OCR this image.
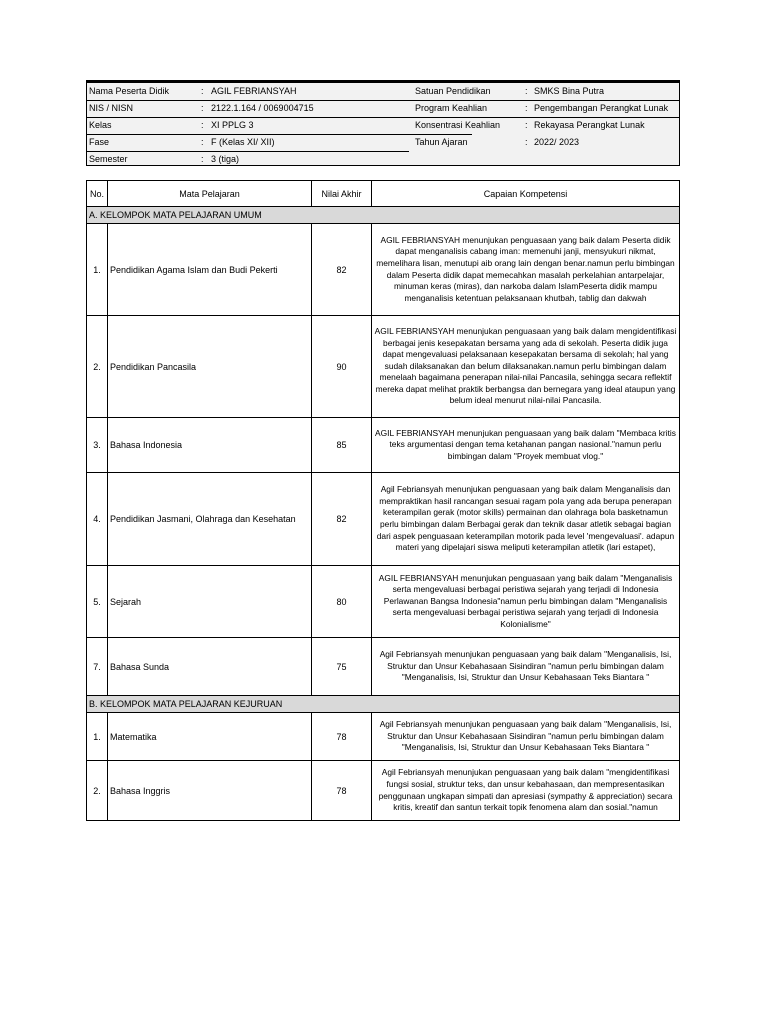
Nama Peserta Didik	: AGIL FEBRIANSYAH
NIS / NISN	: 2122.1.164 / 0069004715
Kelas	: XI PPLG 3
Fase	: F (Kelas XI/ XII)
Semester	: 3 (tiga)
Satuan Pendidikan	: SMKS Bina Putra
Program Keahlian	: Pengembangan Perangkat Lunak
Konsentrasi Keahlian	: Rekayasa Perangkat Lunak
Tahun Ajaran	: 2022/ 2023
No.	Mata Pelajaran	Nilai Akhir	Capaian Kompetensi
A. KELOMPOK MATA PELAJARAN UMUM			
1.	Pendidikan Agama Islam dan Budi Pekerti	82	AGIL FEBRIANSYAH menunjukan penguasaan yang baik dalam Peserta didik dapat menganalisis cabang iman: memenuhi janji, mensyukuri nikmat, memelihara lisan, menutupi aib orang lain dengan benar.namun perlu bimbingan dalam Peserta didik dapat memecahkan masalah perkelahian antarpelajar, minuman keras (miras), dan narkoba dalam IslamPeserta didik mampu menganalisis ketentuan pelaksanaan khutbah, tablig dan dakwah
2.	Pendidikan Pancasila	90	AGIL FEBRIANSYAH menunjukan penguasaan yang baik dalam mengidentifikasi berbagai jenis kesepakatan bersama yang ada di sekolah. Peserta didik juga dapat mengevaluasi pelaksanaan kesepakatan bersama di sekolah; hal yang sudah dilaksanakan dan belum dilaksanakan.namun perlu bimbingan dalam menelaah bagaimana penerapan nilai-nilai Pancasila, sehingga secara reflektif mereka dapat melihat praktik berbangsa dan bernegara yang ideal ataupun yang belum ideal menurut nilai-nilai Pancasila.
3.	Bahasa Indonesia	85	AGIL FEBRIANSYAH menunjukan penguasaan yang baik dalam "Membaca kritis teks argumentasi dengan tema ketahanan pangan nasional."namun perlu bimbingan dalam "Proyek membuat vlog."
4.	Pendidikan Jasmani, Olahraga dan Kesehatan	82	Agil Febriansyah menunjukan penguasaan yang baik dalam Menganalisis dan mempraktikan hasil rancangan sesuai ragam pola yang ada berupa penerapan keterampilan gerak (motor skills) permainan dan olahraga bola basketnamun perlu bimbingan dalam Berbagai gerak dan teknik dasar atletik sebagai bagian dari aspek penguasaan keterampilan motorik pada level 'mengevaluasi'. adapun materi yang dipelajari siswa meliputi keterampilan atletik (lari estapet),
5.	Sejarah	80	AGIL FEBRIANSYAH menunjukan penguasaan yang baik dalam "Menganalisis serta mengevaluasi berbagai peristiwa sejarah yang terjadi di Indonesia Perlawanan Bangsa Indonesia"namun perlu bimbingan dalam "Menganalisis serta mengevaluasi berbagai peristiwa sejarah yang terjadi di Indonesia Kolonialisme"
7.	Bahasa Sunda	75	Agil Febriansyah menunjukan penguasaan yang baik dalam "Menganalisis, Isi, Struktur dan Unsur Kebahasaan Sisindiran "namun perlu bimbingan dalam "Menganalisis, Isi, Struktur dan Unsur Kebahasaan Teks Biantara "
B. KELOMPOK MATA PELAJARAN KEJURUAN			
1.	Matematika	78	Agil Febriansyah menunjukan penguasaan yang baik dalam "Menganalisis, Isi, Struktur dan Unsur Kebahasaan Sisindiran "namun perlu bimbingan dalam "Menganalisis, Isi, Struktur dan Unsur Kebahasaan Teks Biantara "
2.	Bahasa Inggris	78	Agil Febriansyah menunjukan penguasaan yang baik dalam "mengidentifikasi fungsi sosial, struktur teks, dan unsur kebahasaan, dan mempresentasikan penggunaan ungkapan simpati dan apresiasi (sympathy & appreciation) secara kritis, kreatif dan santun terkait topik fenomena alam dan sosial."namun
